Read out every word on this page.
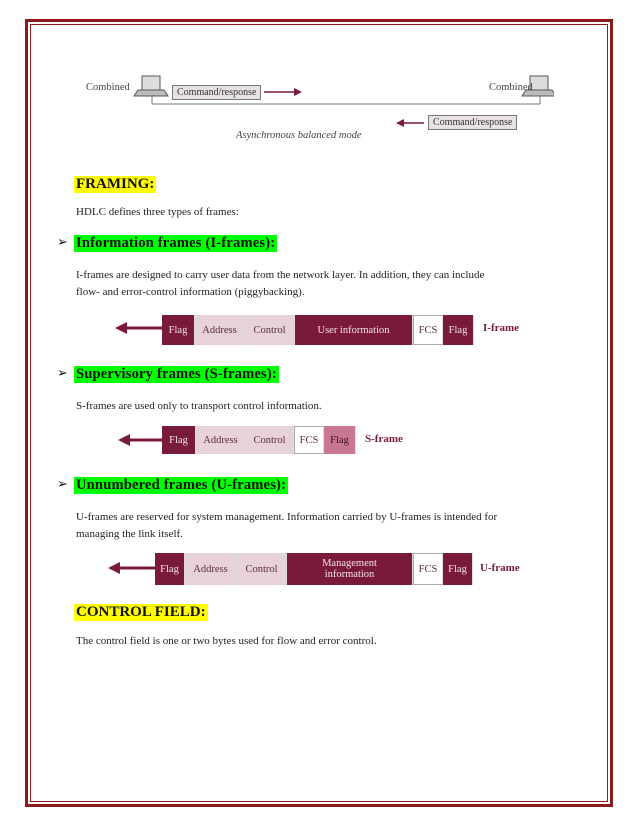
Combined	Combined
Command/response
Command/response
Asynchronous balanced mode
FRAMING:
HDLC defines three types of frames:
➢ Information frames (I-frames):
I-frames are designed to carry user data from the network layer. In addition, they can include
flow- and error-control information (piggybacking).
Flag	Address	Control	User information	FCS	Flag	I-frame
➢ Supervisory frames (S-frames):
S-frames are used only to transport control information.
Flag	Address	Control	FCS	Flag	S-frame
➢ Unnumbered frames (U-frames):
U-frames are reserved for system management. Information carried by U-frames is intended for
managing the link itself.
Flag	Address	Control	Management information	FCS	Flag	U-frame
CONTROL FIELD:
The control field is one or two bytes used for flow and error control.
